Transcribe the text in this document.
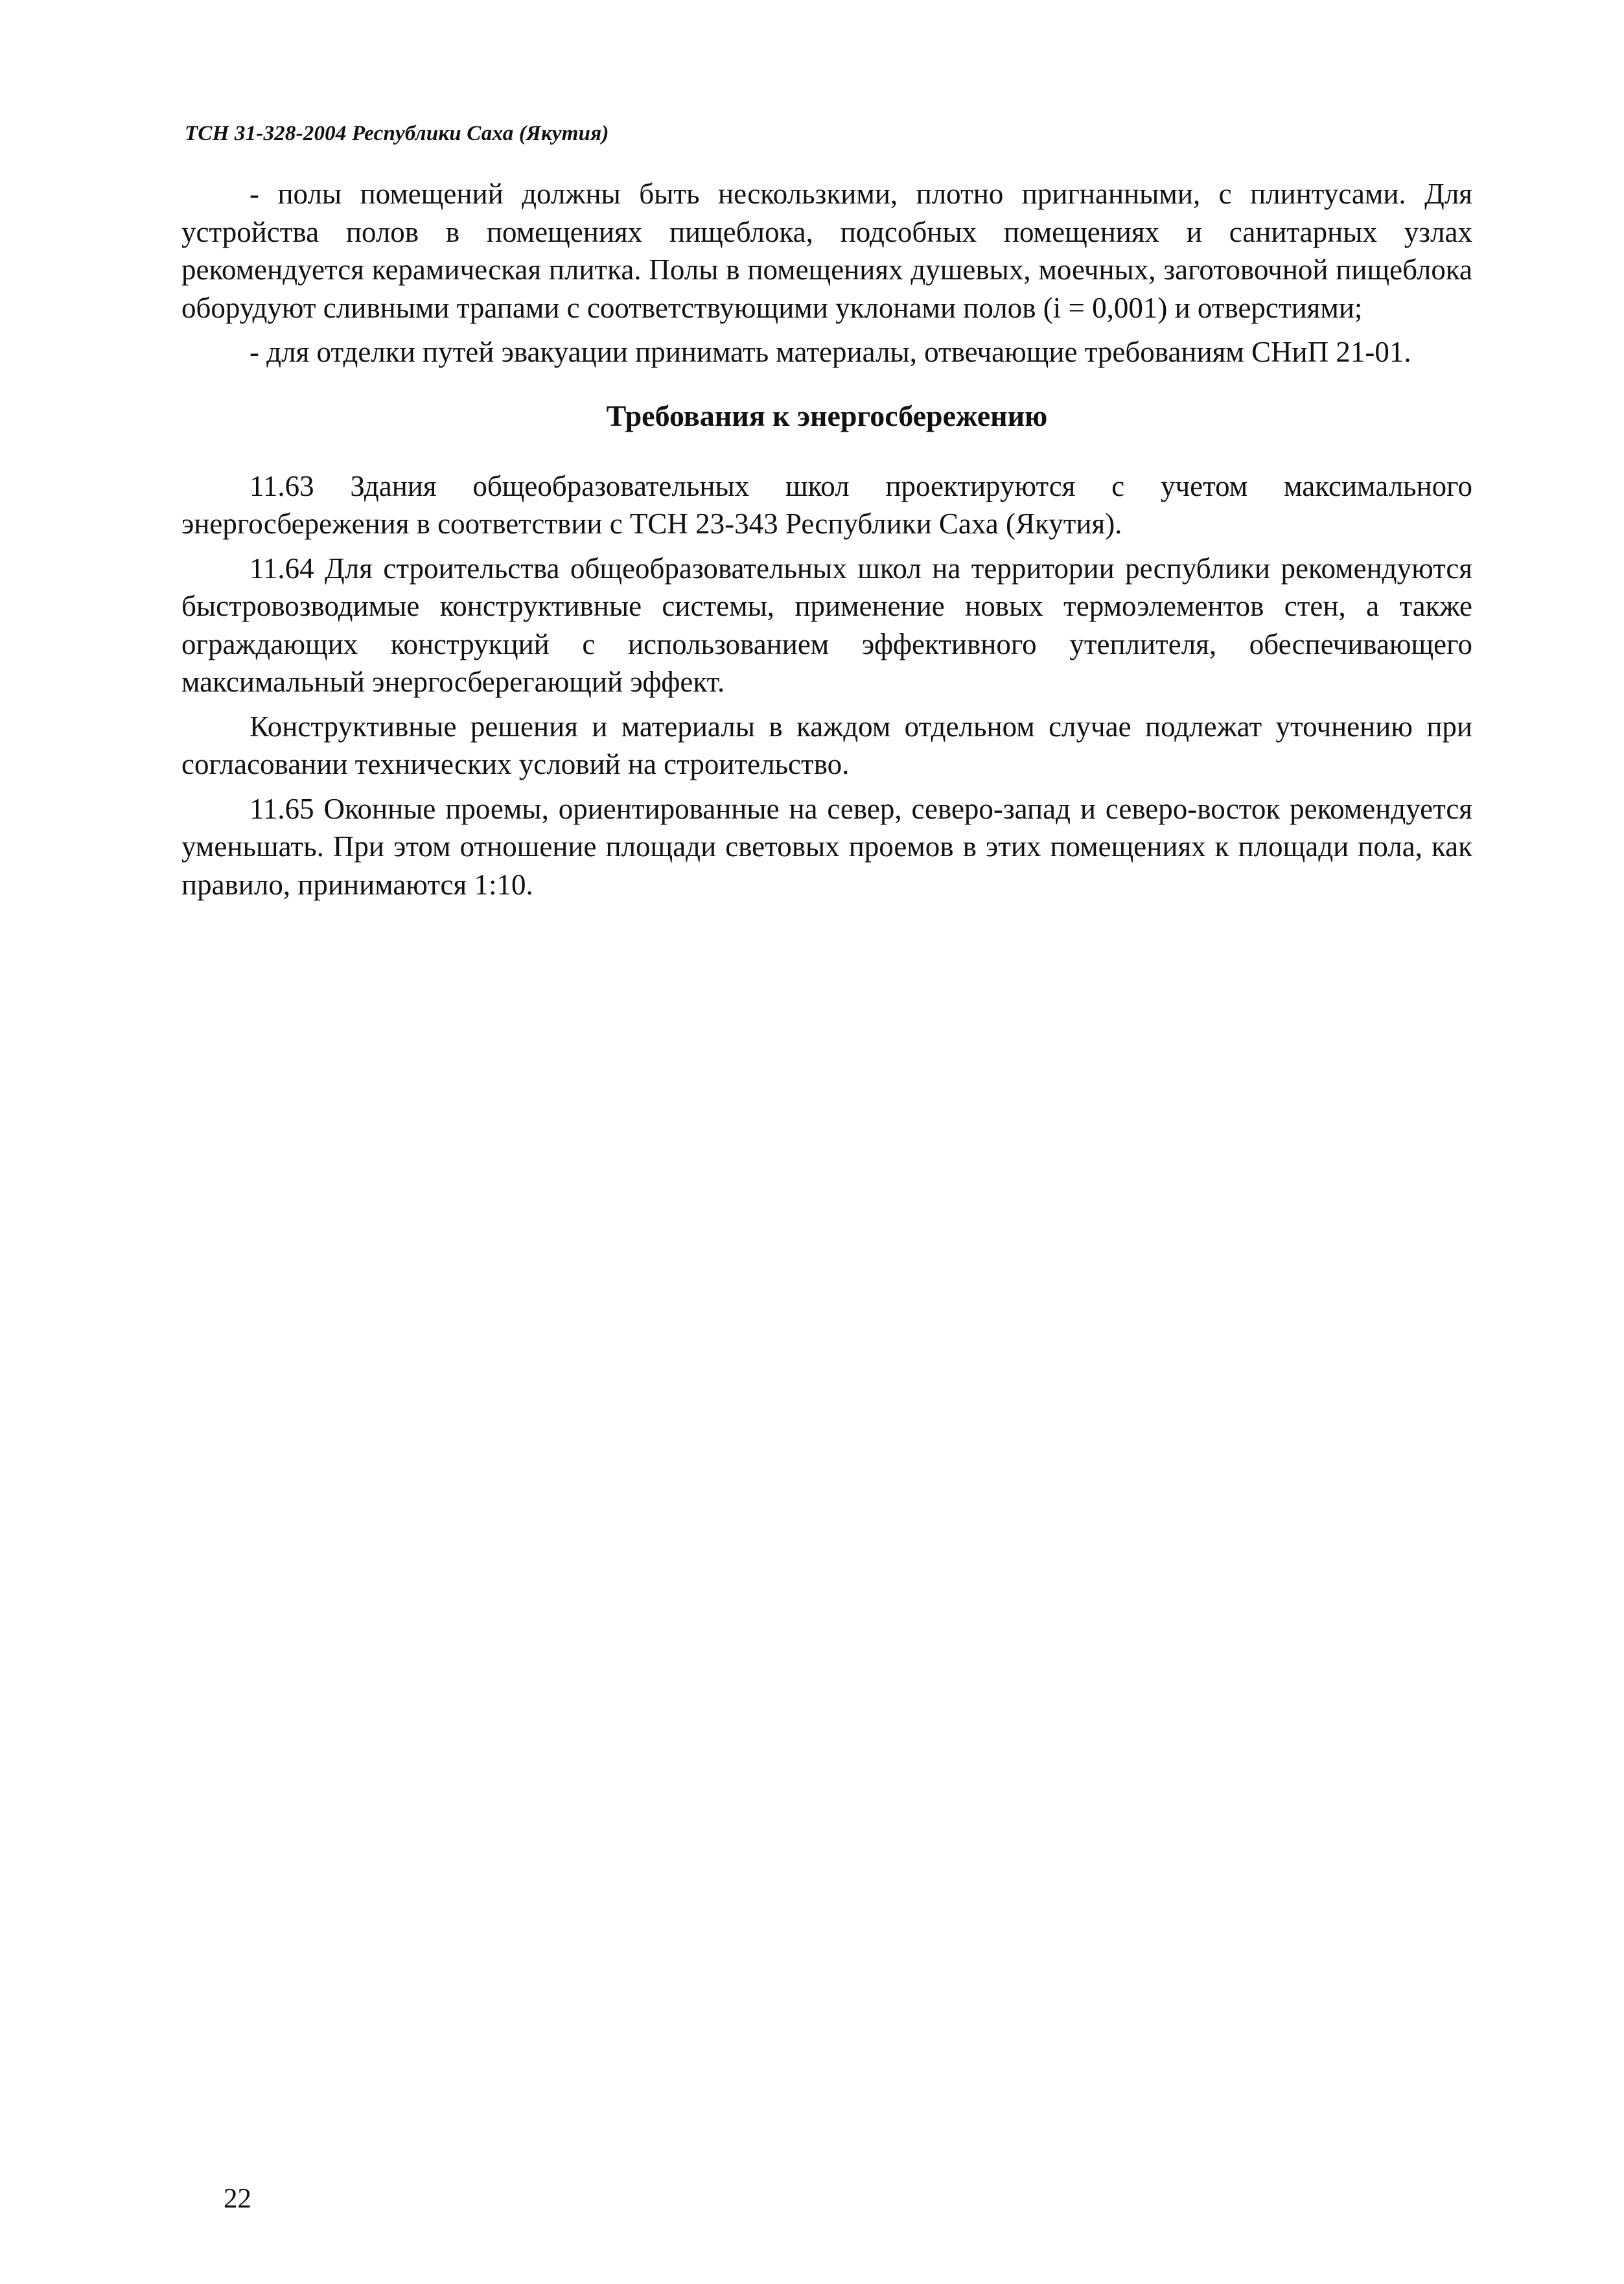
ТСН 31-328-2004 Республики Саха (Якутия)

- полы помещений должны быть нескользкими, плотно пригнанными, с плинтусами. Для устройства полов в помещениях пищеблока, подсобных помещениях и санитарных узлах рекомендуется керамическая плитка. Полы в помещениях душевых, моечных, заготовочной пищеблока оборудуют сливными трапами с соответствующими уклонами полов (i = 0,001) и отверстиями;

- для отделки путей эвакуации принимать материалы, отвечающие требованиям СНиП 21-01.

Требования к энергосбережению

11.63 Здания общеобразовательных школ проектируются с учетом максимального энергосбережения в соответствии с ТСН 23-343 Республики Саха (Якутия).

11.64 Для строительства общеобразовательных школ на территории республики рекомендуются быстровозводимые конструктивные системы, применение новых термоэлементов стен, а также ограждающих конструкций с использованием эффективного утеплителя, обеспечивающего максимальный энергосберегающий эффект.

Конструктивные решения и материалы в каждом отдельном случае подлежат уточнению при согласовании технических условий на строительство.

11.65 Оконные проемы, ориентированные на север, северо-запад и северо-восток рекомендуется уменьшать. При этом отношение площади световых проемов в этих помещениях к площади пола, как правило, принимаются 1:10.

22
